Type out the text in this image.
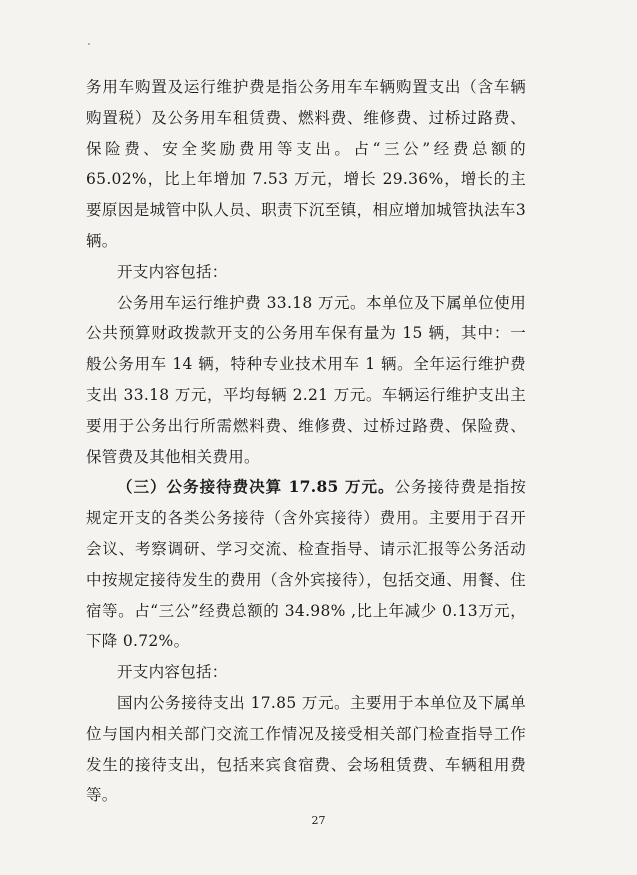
务用车购置及运行维护费是指公务用车车辆购置支出（含车辆购置税）及公务用车租赁费、燃料费、维修费、过桥过路费、保险费、安全奖励费用等支出。占“三公”经费总额的65.02%，比上年增加 7.53 万元，增长 29.36%，增长的主要原因是城管中队人员、职责下沉至镇，相应增加城管执法车3 辆。

开支内容包括：

公务用车运行维护费 33.18 万元。本单位及下属单位使用公共预算财政拨款开支的公务用车保有量为 15 辆，其中：一般公务用车 14 辆，特种专业技术用车 1 辆。全年运行维护费支出 33.18 万元，平均每辆 2.21 万元。车辆运行维护支出主要用于公务出行所需燃料费、维修费、过桥过路费、保险费、保管费及其他相关费用。

（三）公务接待费决算 17.85 万元。公务接待费是指按规定开支的各类公务接待（含外宾接待）费用。主要用于召开会议、考察调研、学习交流、检查指导、请示汇报等公务活动中按规定接待发生的费用（含外宾接待），包括交通、用餐、住宿等。占“三公”经费总额的 34.98% ,比上年减少 0.13万元，下降 0.72%。

开支内容包括：

国内公务接待支出 17.85 万元。主要用于本单位及下属单位与国内相关部门交流工作情况及接受相关部门检查指导工作发生的接待支出，包括来宾食宿费、会场租赁费、车辆租用费等。

27
